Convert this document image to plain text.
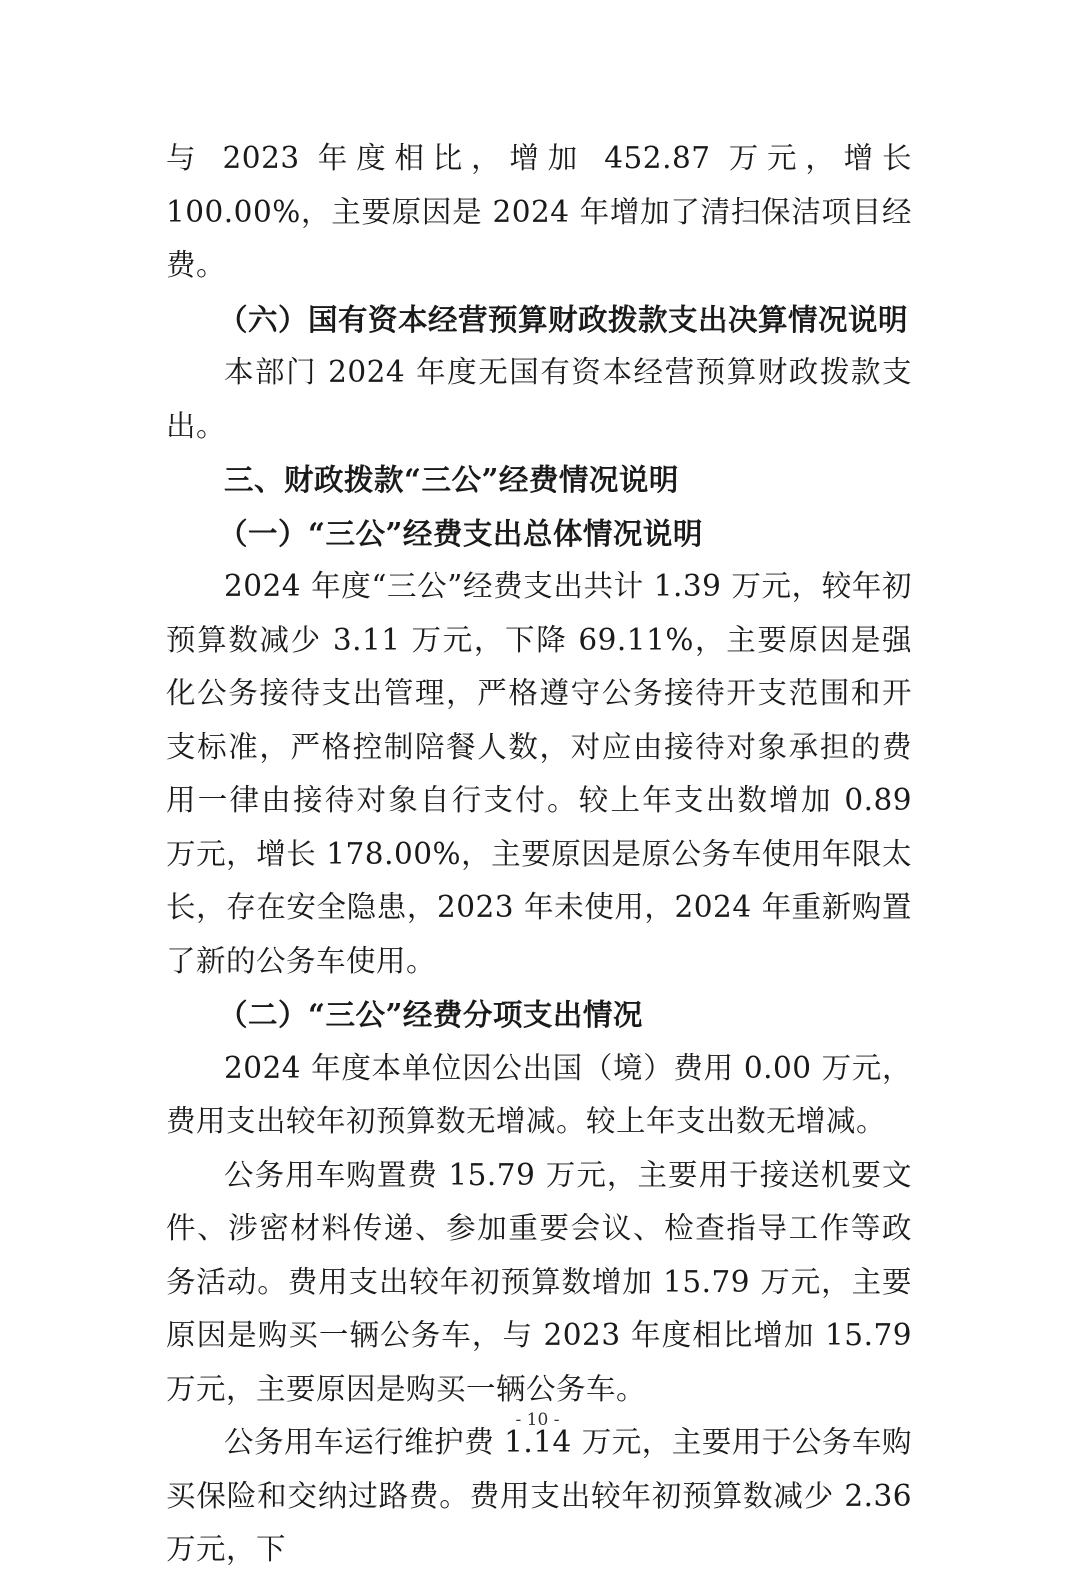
与 2023 年度相比，增加 452.87 万元，增长 100.00%，主要原因是 2024 年增加了清扫保洁项目经费。

（六）国有资本经营预算财政拨款支出决算情况说明

本部门 2024 年度无国有资本经营预算财政拨款支出。

三、财政拨款“三公”经费情况说明

（一）“三公”经费支出总体情况说明

2024 年度“三公”经费支出共计 1.39 万元，较年初预算数减少 3.11 万元，下降 69.11%，主要原因是强化公务接待支出管理，严格遵守公务接待开支范围和开支标准，严格控制陪餐人数，对应由接待对象承担的费用一律由接待对象自行支付。较上年支出数增加 0.89 万元，增长 178.00%，主要原因是原公务车使用年限太长，存在安全隐患，2023 年未使用，2024 年重新购置了新的公务车使用。

（二）“三公”经费分项支出情况

2024 年度本单位因公出国（境）费用 0.00 万元，费用支出较年初预算数无增减。较上年支出数无增减。

公务用车购置费 15.79 万元，主要用于接送机要文件、涉密材料传递、参加重要会议、检查指导工作等政务活动。费用支出较年初预算数增加 15.79 万元，主要原因是购买一辆公务车，与 2023 年度相比增加 15.79 万元，主要原因是购买一辆公务车。

公务用车运行维护费 1.14 万元，主要用于公务车购买保险和交纳过路费。费用支出较年初预算数减少 2.36 万元，下

- 10 -
